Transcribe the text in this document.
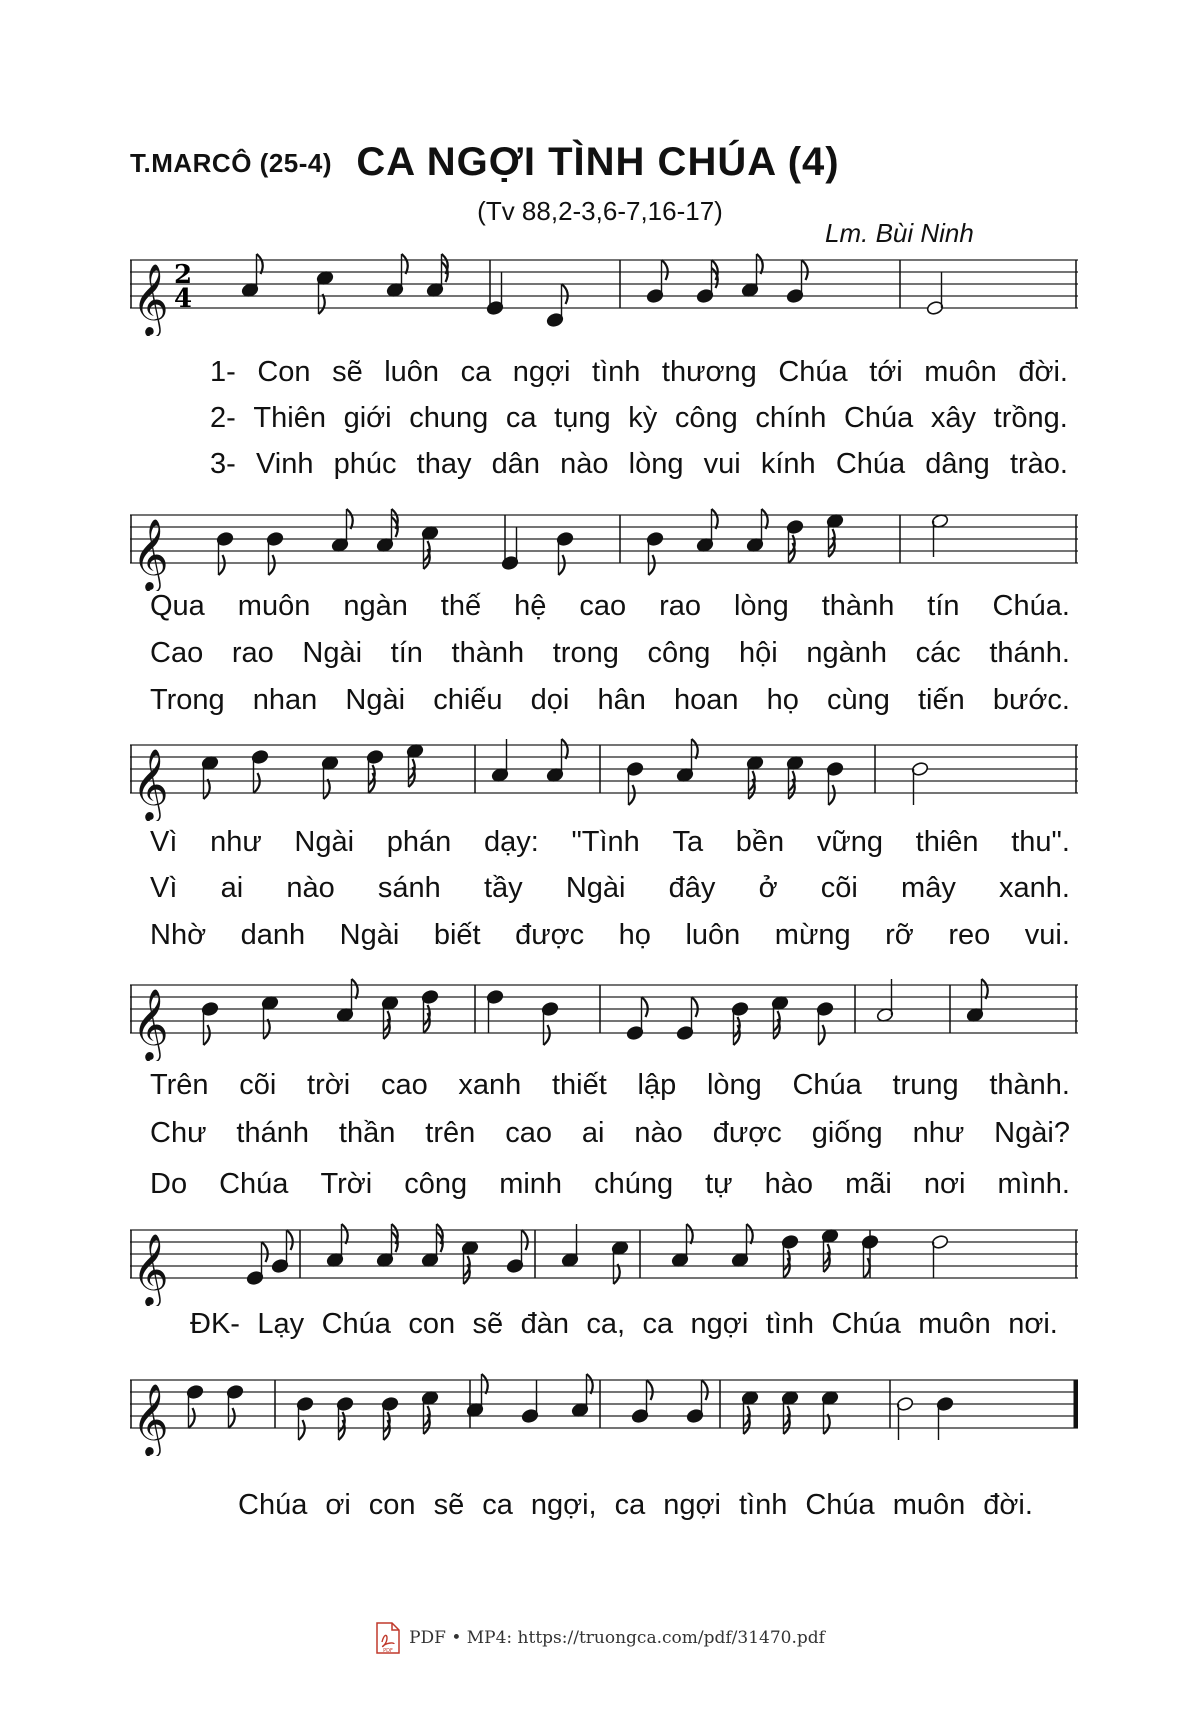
T.MARCÔ (25-4) CA NGỢI TÌNH CHÚA (4)
(Tv 88,2-3,6-7,16-17)
Lm. Bùi Ninh
𝄞 2
4
1- Con sẽ luôn ca ngợi tình thương Chúa tới muôn đời.
2- Thiên giới chung ca tụng kỳ công chính Chúa xây trồng.
3- Vinh phúc thay dân nào lòng vui kính Chúa dâng trào.
𝄞
Qua muôn ngàn thế hệ cao rao lòng thành tín Chúa.
Cao rao Ngài tín thành trong công hội ngành các thánh.
Trong nhan Ngài chiếu dọi hân hoan họ cùng tiến bước.
𝄞
Vì như Ngài phán dạy: "Tình Ta bền vững thiên thu".
Vì ai nào sánh tầy Ngài đây ở cõi mây xanh.
Nhờ danh Ngài biết được họ luôn mừng rỡ reo vui.
𝄞
Trên cõi trời cao xanh thiết lập lòng Chúa trung thành.
Chư thánh thần trên cao ai nào được giống như Ngài?
Do Chúa Trời công minh chúng tự hào mãi nơi mình.
𝄞
ĐK- Lạy Chúa con sẽ đàn ca, ca ngợi tình Chúa muôn nơi.
𝄞
Chúa ơi con sẽ ca ngợi, ca ngợi tình Chúa muôn đời.
PDF
PDF • MP4: https://truongca.com/pdf/31470.pdf
